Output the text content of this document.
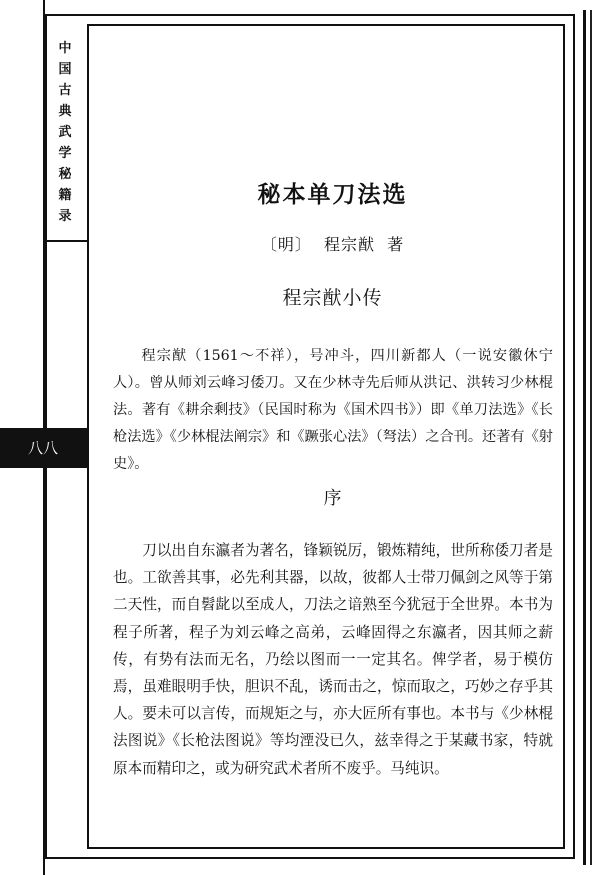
中国古典武学秘籍录
八八
秘本单刀法选
〔明〕  程宗猷  著
程宗猷小传
程宗猷（1561～不祥），号冲斗，四川新都人（一说安徽休宁人）。曾从师刘云峰习倭刀。又在少林寺先后师从洪记、洪转习少林棍法。著有《耕余剩技》（民国时称为《国术四书》）即《单刀法选》《长枪法选》《少林棍法阐宗》和《蹶张心法》（弩法）之合刊。还著有《射史》。
序
刀以出自东瀛者为著名，锋颖锐厉，锻炼精纯，世所称倭刀者是也。工欲善其事，必先利其器，以故，彼都人士带刀佩剑之风等于第二天性，而自髫龀以至成人，刀法之谙熟至今犹冠于全世界。本书为程子所著，程子为刘云峰之高弟，云峰固得之东瀛者，因其师之薪传，有势有法而无名，乃绘以图而一一定其名。俾学者，易于模仿焉，虽难眼明手快，胆识不乱，诱而击之，惊而取之，巧妙之存乎其人。要未可以言传，而规矩之与，亦大匠所有事也。本书与《少林棍法图说》《长枪法图说》等均湮没已久，兹幸得之于某藏书家，特就原本而精印之，或为研究武术者所不废乎。马纯识。
